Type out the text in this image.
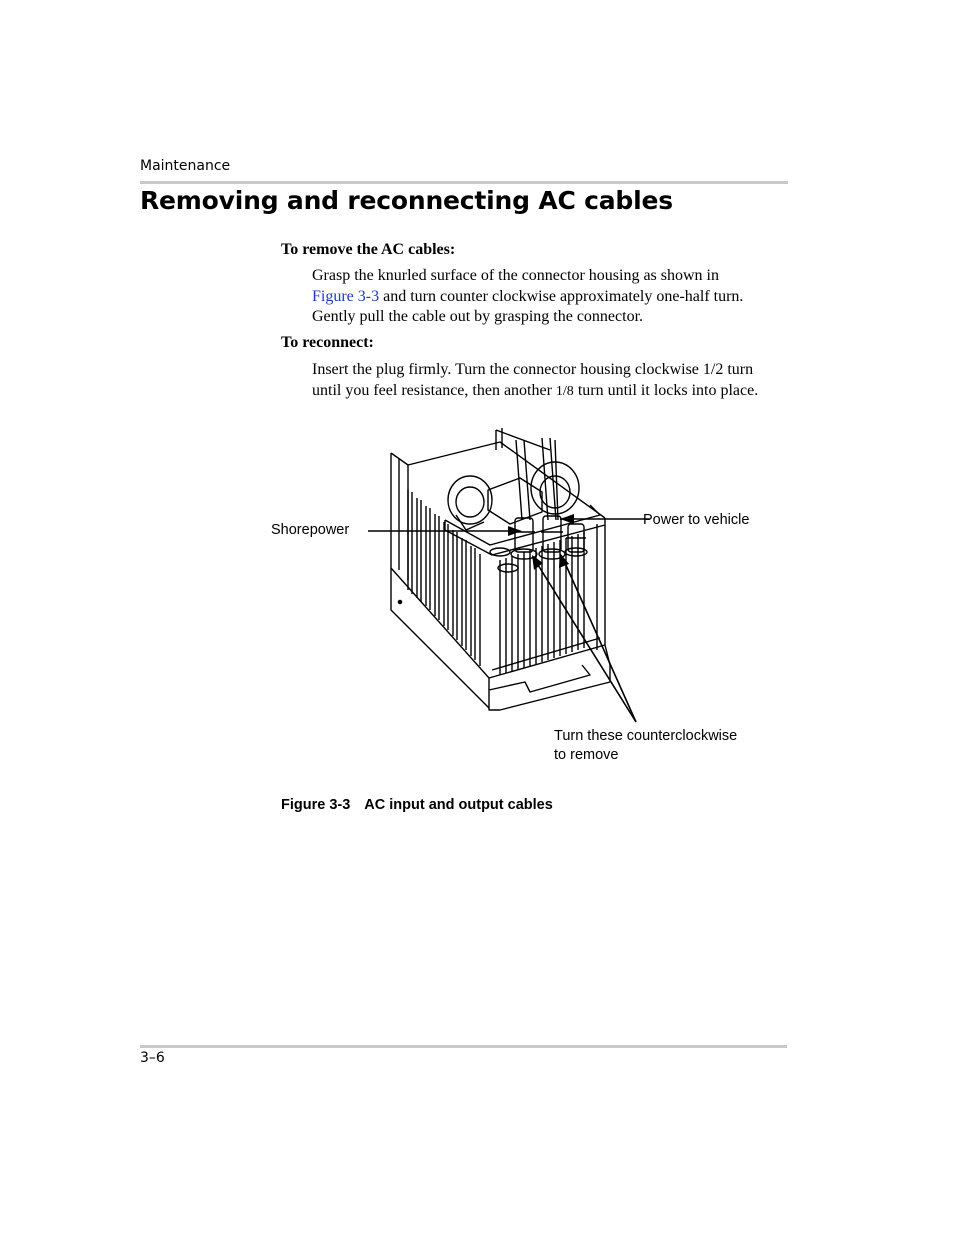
Maintenance
Removing and reconnecting AC cables
To remove the AC cables:
Grasp the knurled surface of the connector housing as shown in
Figure 3-3 and turn counter clockwise approximately one-half turn.
Gently pull the cable out by grasping the connector.
To reconnect:
Insert the plug firmly. Turn the connector housing clockwise 1/2 turn
until you feel resistance, then another 1/8 turn until it locks into place.
Shorepower
Power to vehicle
Turn these counterclockwise
to remove
Figure 3-3 AC input and output cables
3–6
